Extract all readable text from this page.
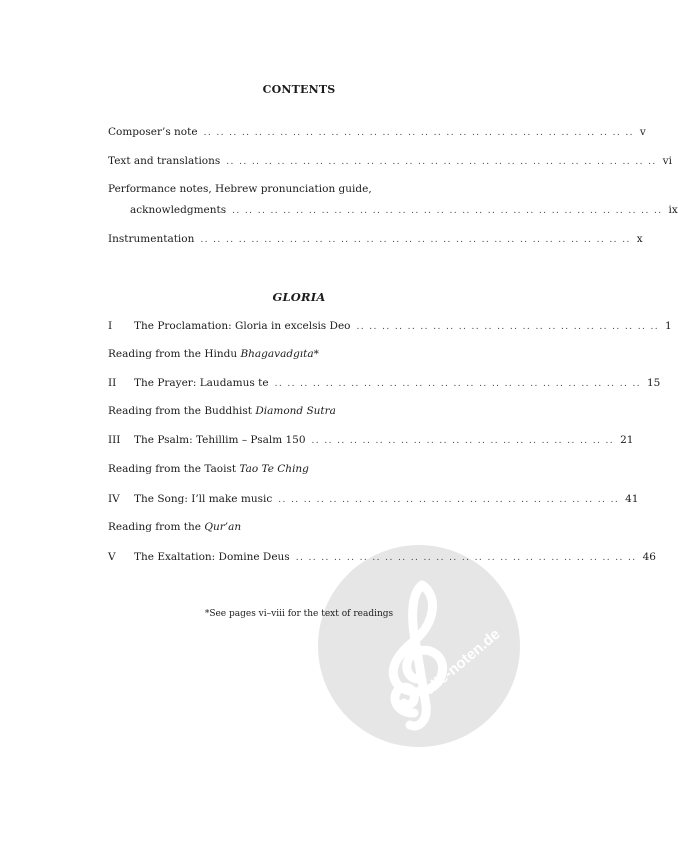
alle-noten.de
CONTENTS
Composer’s note .. .. .. .. .. .. .. .. .. .. .. .. .. .. .. .. .. .. .. .. .. .. .. .. .. .. .. .. .. .. .. .. .. .. v
Text and translations .. .. .. .. .. .. .. .. .. .. .. .. .. .. .. .. .. .. .. .. .. .. .. .. .. .. .. .. .. .. .. .. .. .. vi
Performance notes, Hebrew pronunciation guide,
acknowledgments .. .. .. .. .. .. .. .. .. .. .. .. .. .. .. .. .. .. .. .. .. .. .. .. .. .. .. .. .. .. .. .. .. .. ix
Instrumentation .. .. .. .. .. .. .. .. .. .. .. .. .. .. .. .. .. .. .. .. .. .. .. .. .. .. .. .. .. .. .. .. .. .. x
GLORIA
I	The Proclamation: Gloria in excelsis Deo .. .. .. .. .. .. .. .. .. .. .. .. .. .. .. .. .. .. .. .. .. .. .. .. 1
Reading from the Hindu Bhagavadgıta*
II	The Prayer: Laudamus te .. .. .. .. .. .. .. .. .. .. .. .. .. .. .. .. .. .. .. .. .. .. .. .. .. .. .. .. .. 15
Reading from the Buddhist Diamond Sutra
III	The Psalm: Tehillim – Psalm 150 .. .. .. .. .. .. .. .. .. .. .. .. .. .. .. .. .. .. .. .. .. .. .. .. 21
Reading from the Taoist Tao Te Ching
IV	The Song: I’ll make music .. .. .. .. .. .. .. .. .. .. .. .. .. .. .. .. .. .. .. .. .. .. .. .. .. .. .. 41
Reading from the Qur’an
V	The Exaltation: Domine Deus .. .. .. .. .. .. .. .. .. .. .. .. .. .. .. .. .. .. .. .. .. .. .. .. .. .. .. 46
*See pages vi–viii for the text of readings
